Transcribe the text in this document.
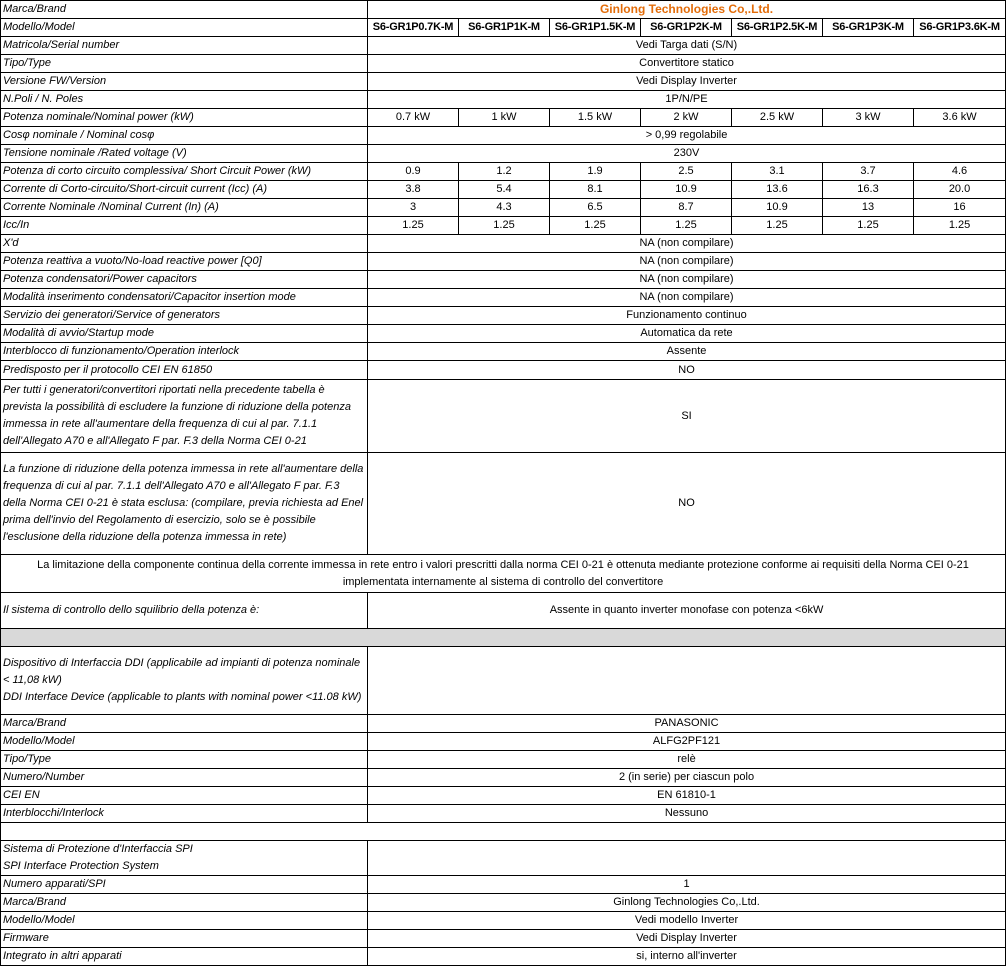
Marca/Brand	Ginlong Technologies Co,.Ltd.						
Modello/Model	S6-GR1P0.7K-M	S6-GR1P1K-M	S6-GR1P1.5K-M	S6-GR1P2K-M	S6-GR1P2.5K-M	S6-GR1P3K-M	S6-GR1P3.6K-M
Matricola/Serial number	Vedi Targa dati (S/N)						
Tipo/Type	Convertitore statico						
Versione FW/Version	Vedi Display Inverter						
N.Poli / N. Poles	1P/N/PE						
Potenza nominale/Nominal power (kW)	0.7 kW	1 kW	1.5 kW	2 kW	2.5 kW	3 kW	3.6 kW
Cosφ nominale / Nominal cosφ	> 0,99 regolabile						
Tensione nominale /Rated voltage (V)	230V						
Potenza di corto circuito complessiva/ Short Circuit Power (kW)	0.9	1.2	1.9	2.5	3.1	3.7	4.6
Corrente di Corto-circuito/Short-circuit current (Icc) (A)	3.8	5.4	8.1	10.9	13.6	16.3	20.0
Corrente Nominale /Nominal Current (In) (A)	3	4.3	6.5	8.7	10.9	13	16
Icc/In	1.25	1.25	1.25	1.25	1.25	1.25	1.25
X'd	NA (non compilare)						
Potenza reattiva a vuoto/No-load reactive power [Q0]	NA (non compilare)						
Potenza condensatori/Power capacitors	NA (non compilare)						
Modalità inserimento condensatori/Capacitor insertion mode	NA (non compilare)						
Servizio dei generatori/Service of generators	Funzionamento continuo						
Modalità di avvio/Startup mode	Automatica da rete						
Interblocco di funzionamento/Operation interlock	Assente						
Predisposto per il protocollo CEI EN 61850	NO						
Per tutti i generatori/convertitori riportati nella precedente tabella è prevista la possibilità di escludere la funzione di riduzione della potenza immessa in rete all'aumentare della frequenza di cui al par. 7.1.1 dell'Allegato A70 e all'Allegato F par. F.3 della Norma CEI 0-21	SI						
La funzione di riduzione della potenza immessa in rete all'aumentare della frequenza di cui al par. 7.1.1 dell'Allegato A70 e all'Allegato F par. F.3 della Norma CEI 0-21 è stata esclusa: (compilare, previa richiesta ad Enel prima dell'invio del Regolamento di esercizio, solo se è possibile l'esclusione della riduzione della potenza immessa in rete)	NO						
La limitazione della componente continua della corrente immessa in rete entro i valori prescritti dalla norma CEI 0-21 è ottenuta mediante protezione conforme ai requisiti della Norma CEI 0-21 implementata internamente al sistema di controllo del convertitore							
Il sistema di controllo dello squilibrio della potenza è:	Assente in quanto inverter monofase con potenza <6kW						

Dispositivo di Interfaccia DDI (applicabile ad impianti di potenza nominale < 11,08 kW)
DDI Interface Device (applicable to plants with nominal power <11.08 kW)							

Marca/Brand	PANASONIC						
Modello/Model	ALFG2PF121						
Tipo/Type	relè						
Numero/Number	2 (in serie) per ciascun polo						
CEI EN	EN 61810-1						
Interblocchi/Interlock	Nessuno						

Sistema di Protezione d'Interfaccia SPI
SPI Interface Protection System							

Numero apparati/SPI	1						
Marca/Brand	Ginlong Technologies Co,.Ltd.						
Modello/Model	Vedi modello Inverter						
Firmware	Vedi Display Inverter						
Integrato in altri apparati	si, interno all'inverter						
